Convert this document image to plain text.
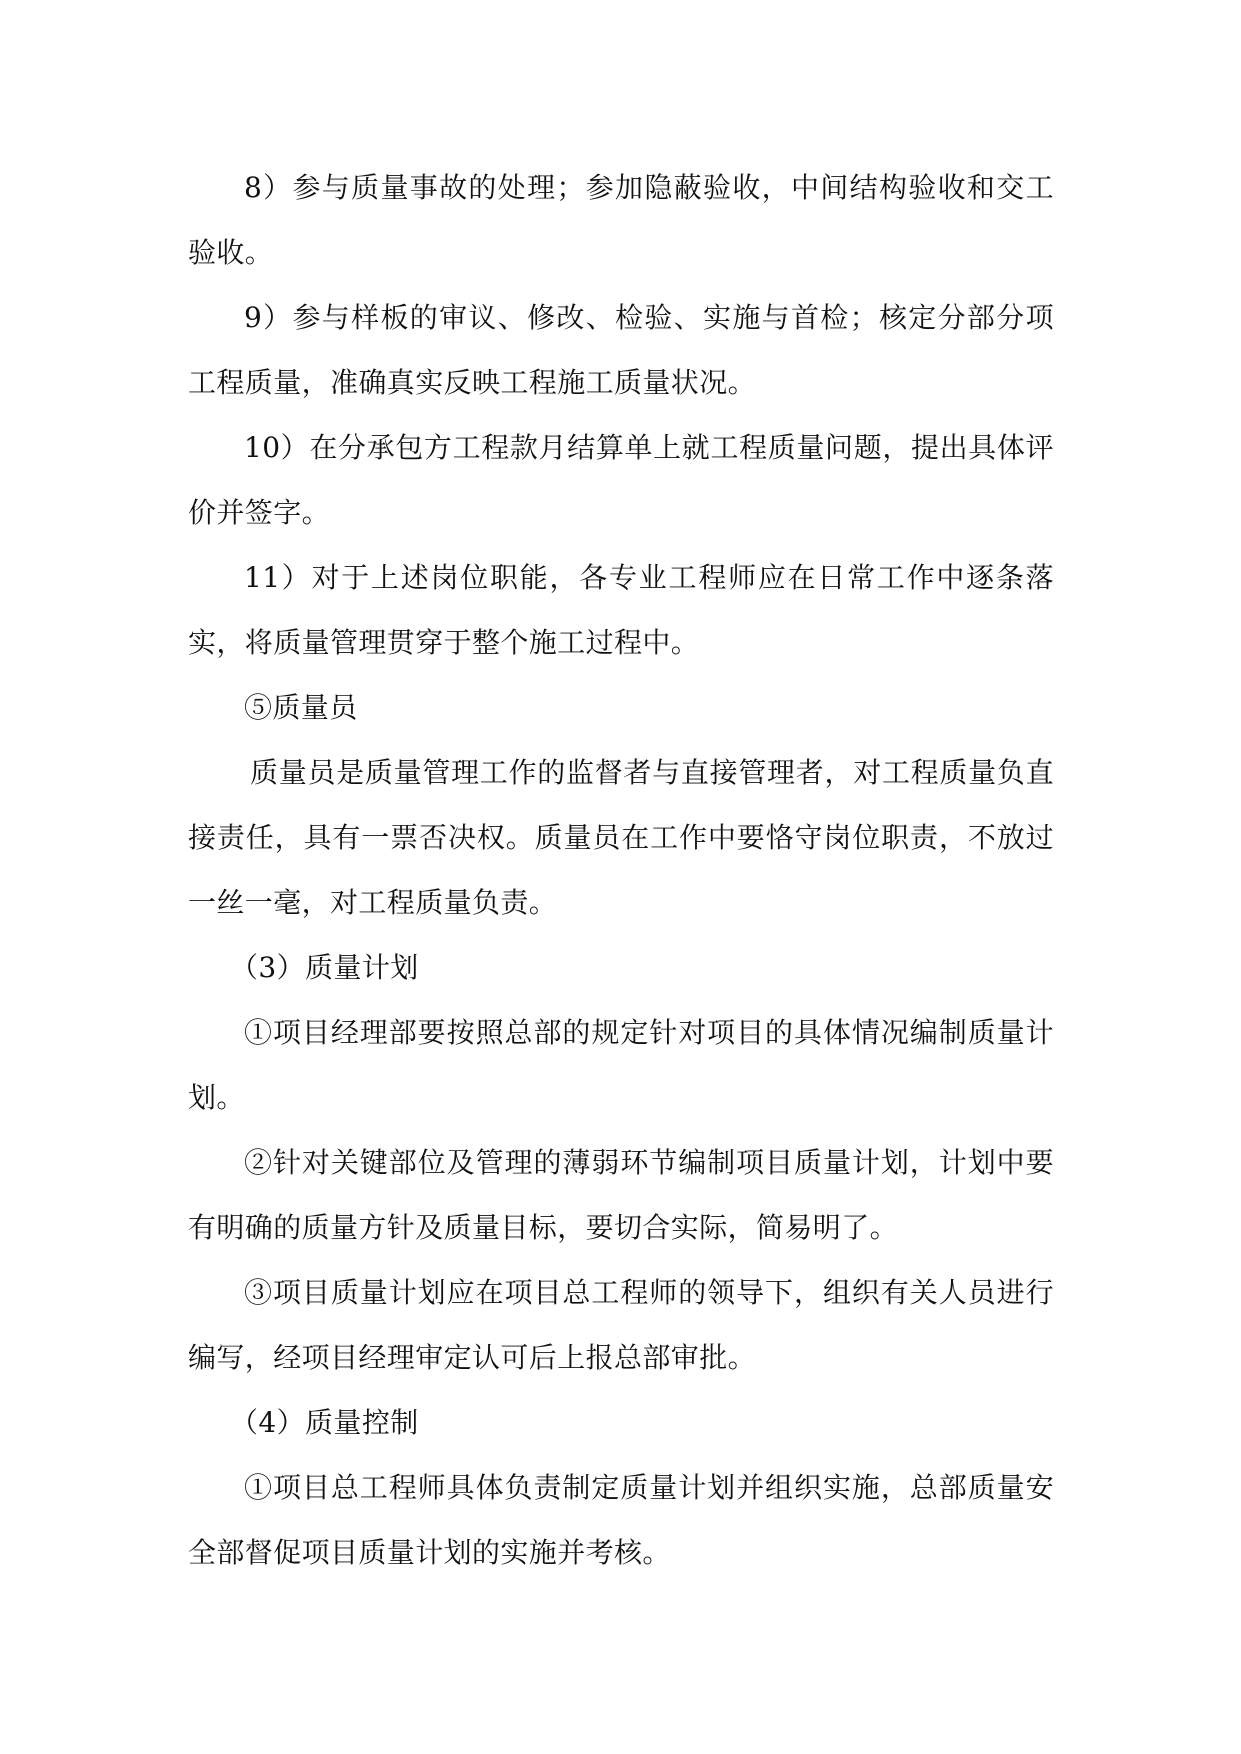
8）参与质量事故的处理；参加隐蔽验收，中间结构验收和交工验收。

9）参与样板的审议、修改、检验、实施与首检；核定分部分项工程质量，准确真实反映工程施工质量状况。

10）在分承包方工程款月结算单上就工程质量问题，提出具体评价并签字。

11）对于上述岗位职能，各专业工程师应在日常工作中逐条落实，将质量管理贯穿于整个施工过程中。

⑤质量员

质量员是质量管理工作的监督者与直接管理者，对工程质量负直接责任，具有一票否决权。质量员在工作中要恪守岗位职责，不放过一丝一毫，对工程质量负责。

（3）质量计划

①项目经理部要按照总部的规定针对项目的具体情况编制质量计划。

②针对关键部位及管理的薄弱环节编制项目质量计划，计划中要有明确的质量方针及质量目标，要切合实际，简易明了。

③项目质量计划应在项目总工程师的领导下，组织有关人员进行编写，经项目经理审定认可后上报总部审批。

（4）质量控制

①项目总工程师具体负责制定质量计划并组织实施，总部质量安全部督促项目质量计划的实施并考核。
